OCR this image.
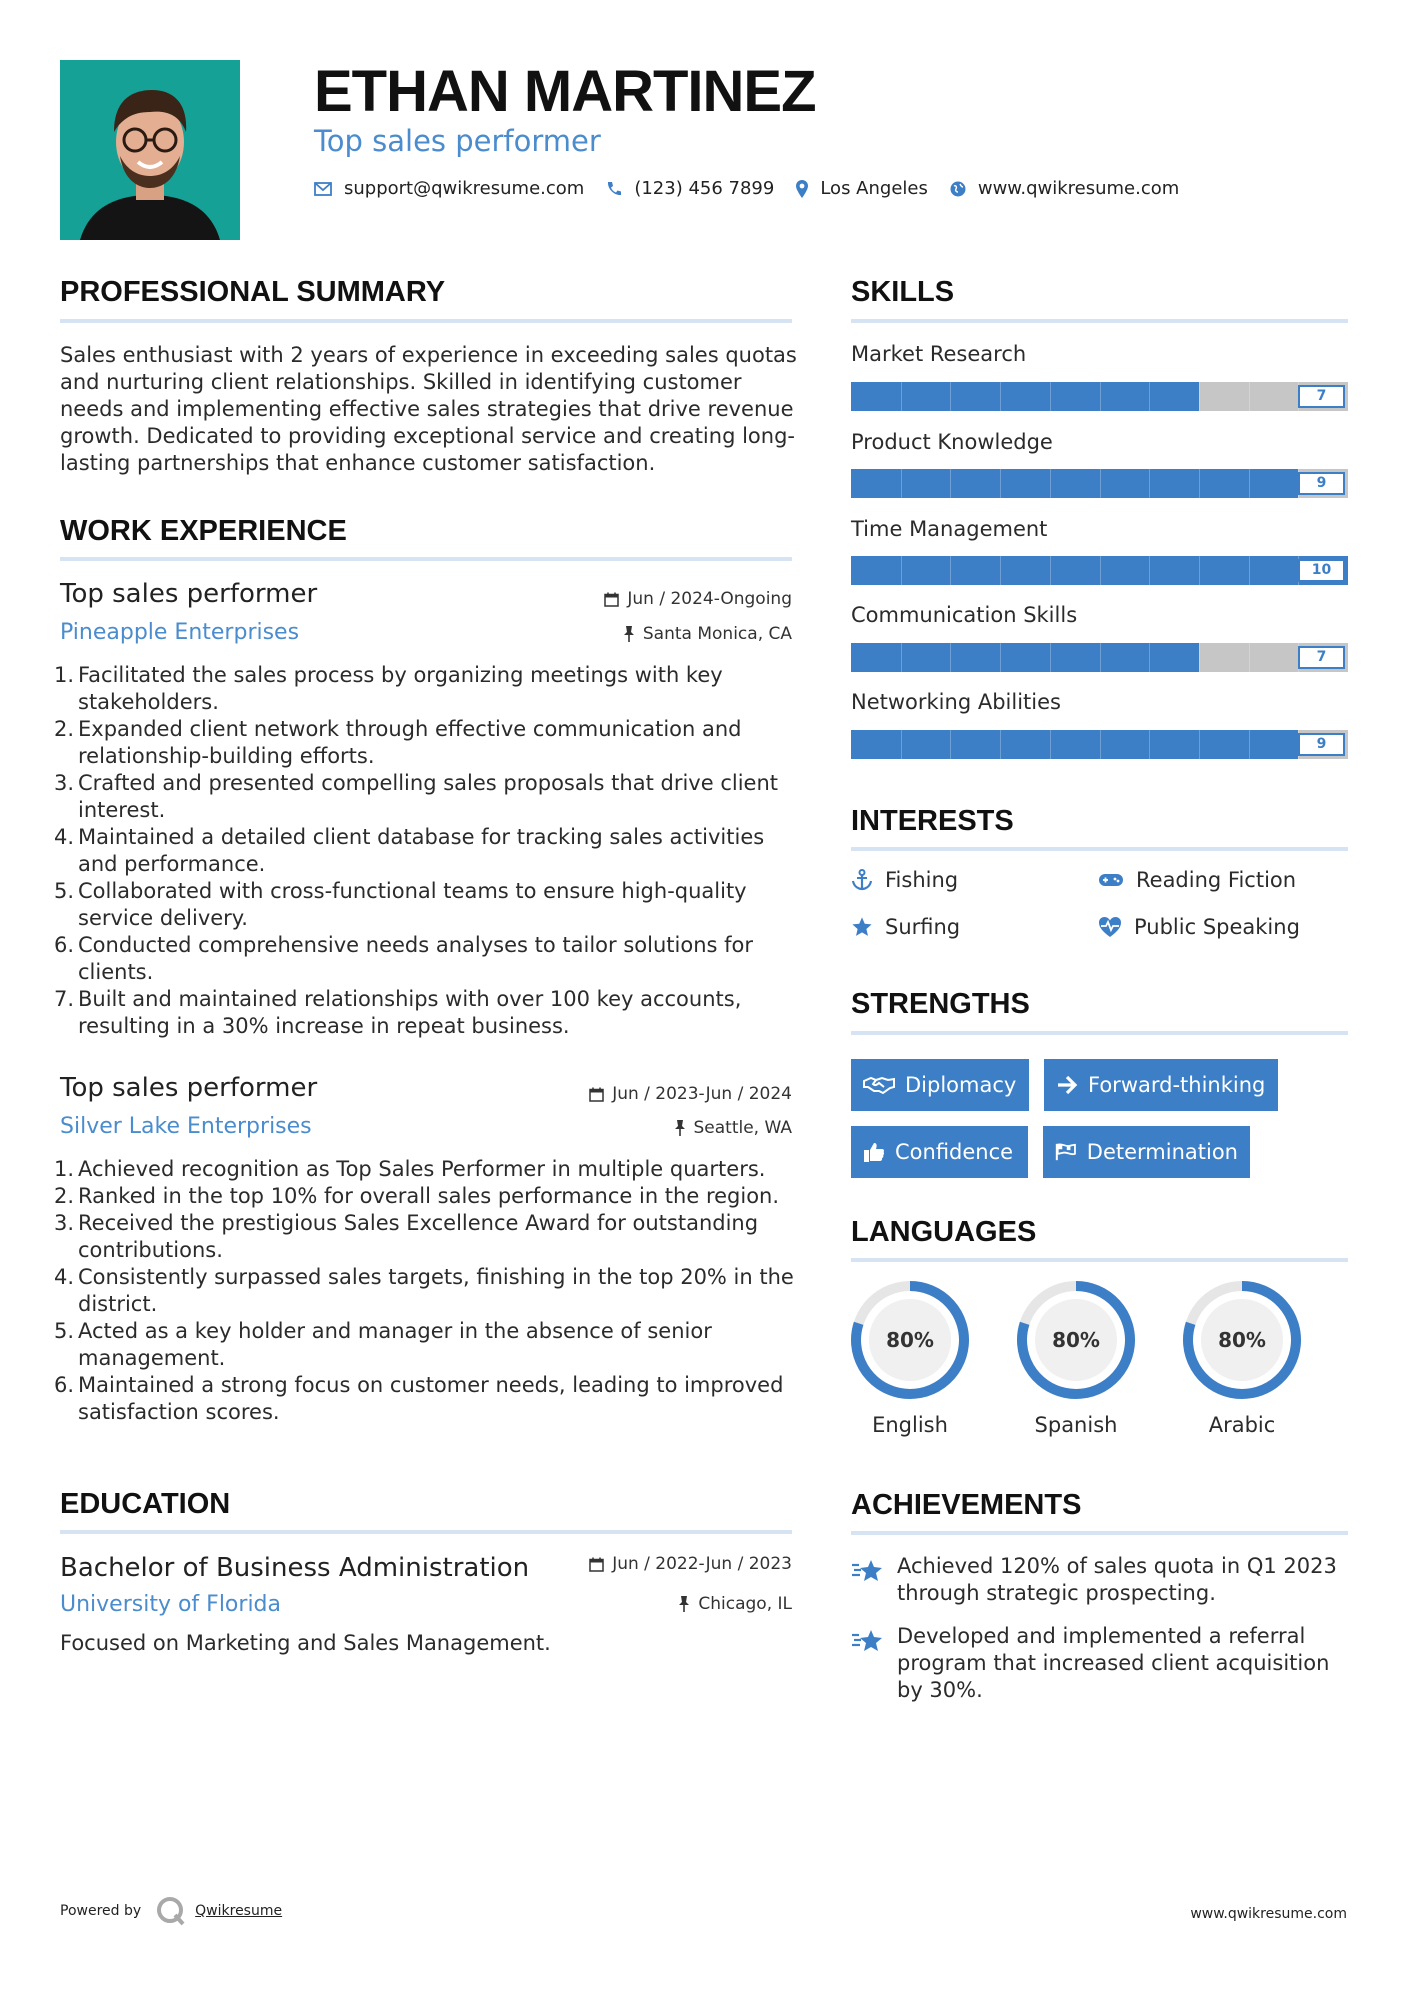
ETHAN MARTINEZ
Top sales performer
support@qwikresume.com	(123) 456 7899	Los Angeles	www.qwikresume.com
PROFESSIONAL SUMMARY
Sales enthusiast with 2 years of experience in exceeding sales quotas and nurturing client relationships. Skilled in identifying customer needs and implementing effective sales strategies that drive revenue growth. Dedicated to providing exceptional service and creating long-lasting partnerships that enhance customer satisfaction.
WORK EXPERIENCE
Top sales performer	Jun / 2024-Ongoing
Pineapple Enterprises	Santa Monica, CA
1. Facilitated the sales process by organizing meetings with key stakeholders.
2. Expanded client network through effective communication and relationship-building efforts.
3. Crafted and presented compelling sales proposals that drive client interest.
4. Maintained a detailed client database for tracking sales activities and performance.
5. Collaborated with cross-functional teams to ensure high-quality service delivery.
6. Conducted comprehensive needs analyses to tailor solutions for clients.
7. Built and maintained relationships with over 100 key accounts, resulting in a 30% increase in repeat business.
Top sales performer	Jun / 2023-Jun / 2024
Silver Lake Enterprises	Seattle, WA
1. Achieved recognition as Top Sales Performer in multiple quarters.
2. Ranked in the top 10% for overall sales performance in the region.
3. Received the prestigious Sales Excellence Award for outstanding contributions.
4. Consistently surpassed sales targets, finishing in the top 20% in the district.
5. Acted as a key holder and manager in the absence of senior management.
6. Maintained a strong focus on customer needs, leading to improved satisfaction scores.
EDUCATION
Bachelor of Business Administration	Jun / 2022-Jun / 2023
University of Florida	Chicago, IL
Focused on Marketing and Sales Management.
SKILLS
Market Research
7
Product Knowledge
9
Time Management
10
Communication Skills
7
Networking Abilities
9
INTERESTS
Fishing	Reading Fiction
Surfing	Public Speaking
STRENGTHS
Diplomacy	Forward-thinking
Confidence	Determination
LANGUAGES
80%
English
80%
Spanish
80%
Arabic
ACHIEVEMENTS
Achieved 120% of sales quota in Q1 2023 through strategic prospecting.
Developed and implemented a referral program that increased client acquisition by 30%.
Powered by	Qwikresume	www.qwikresume.com
